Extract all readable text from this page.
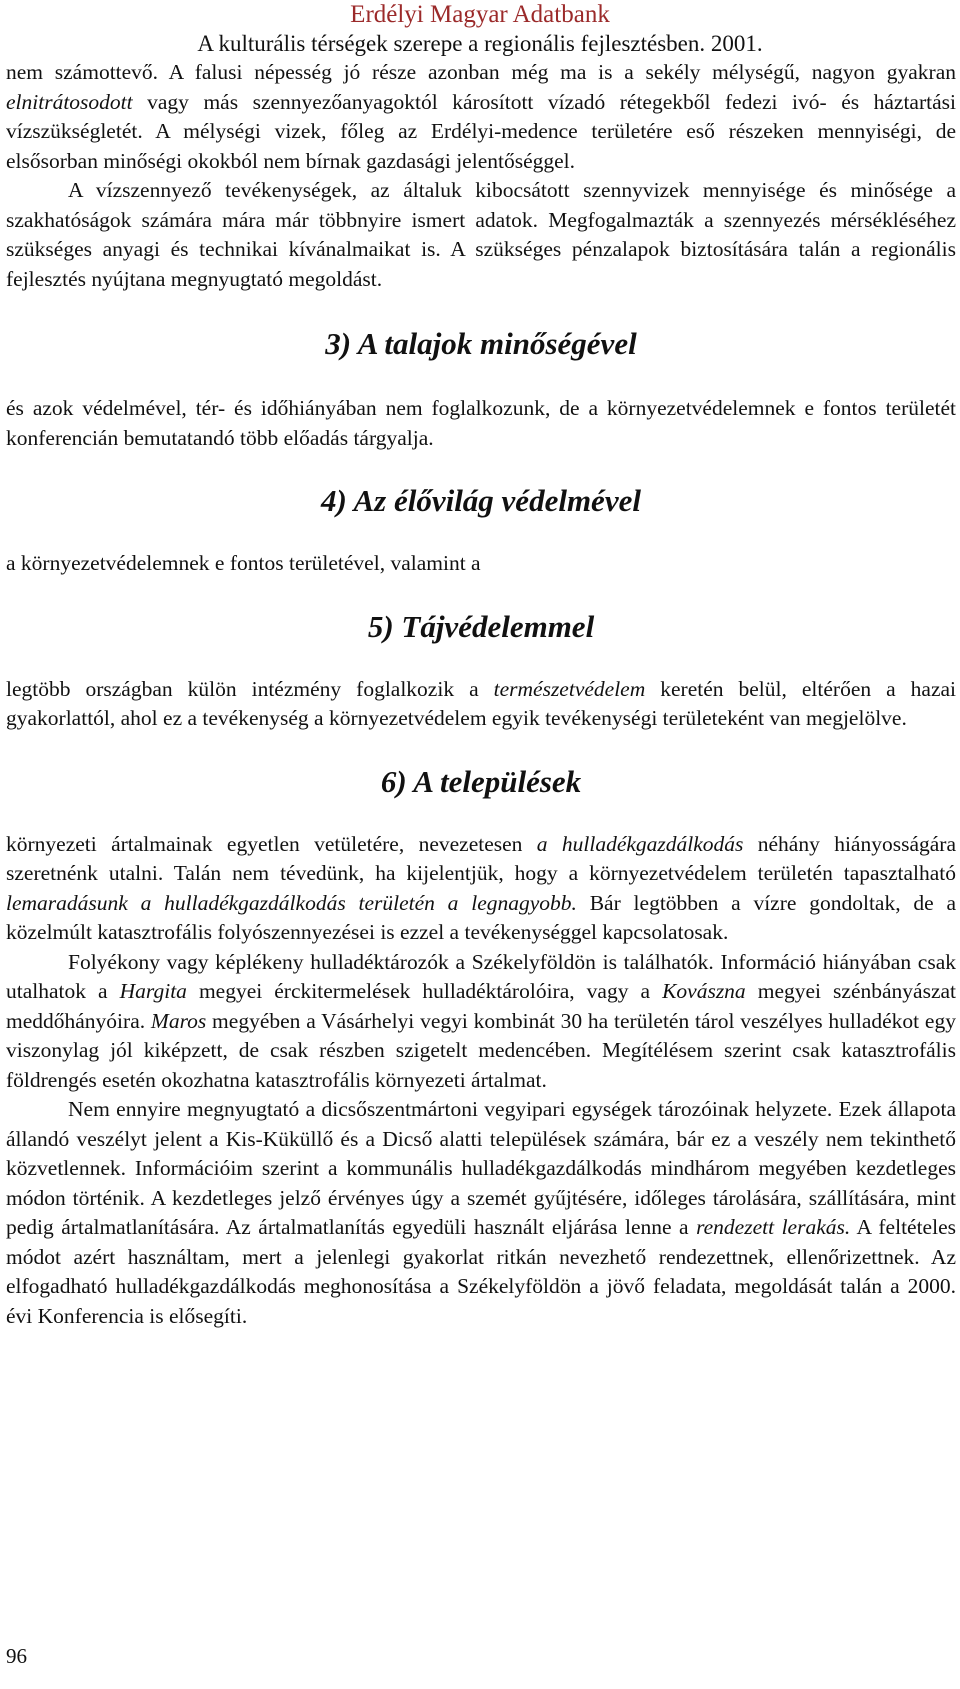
Erdélyi Magyar Adatbank
A kulturális térségek szerepe a regionális fejlesztésben. 2001.

nem számottevő. A falusi népesség jó része azonban még ma is a sekély mélységű, nagyon gyakran elnitrátosodott vagy más szennyezőanyagoktól károsított vízadó rétegekből fedezi ivó- és háztartási vízszükségletét. A mélységi vizek, főleg az Erdélyi-medence területére eső részeken mennyiségi, de elsősorban minőségi okokból nem bírnak gazdasági jelentőséggel.

A vízszennyező tevékenységek, az általuk kibocsátott szennyvizek mennyisége és minősége a szakhatóságok számára mára már többnyire ismert adatok. Megfogalmazták a szennyezés mérsékléséhez szükséges anyagi és technikai kívánalmaikat is. A szükséges pénzalapok biztosítására talán a regionális fejlesztés nyújtana megnyugtató megoldást.

3) A talajok minőségével

és azok védelmével, tér- és időhiányában nem foglalkozunk, de a környezetvédelemnek e fontos területét konferencián bemutatandó több előadás tárgyalja.

4) Az élővilág védelmével

a környezetvédelemnek e fontos területével, valamint a

5) Tájvédelemmel

legtöbb országban külön intézmény foglalkozik a természetvédelem keretén belül, eltérően a hazai gyakorlattól, ahol ez a tevékenység a környezetvédelem egyik tevékenységi területeként van megjelölve.

6) A települések

környezeti ártalmainak egyetlen vetületére, nevezetesen a hulladékgazdálkodás néhány hiányosságára szeretnénk utalni. Talán nem tévedünk, ha kijelentjük, hogy a környezetvédelem területén tapasztalható lemaradásunk a hulladékgazdálkodás területén a legnagyobb. Bár legtöbben a vízre gondoltak, de a közelmúlt katasztrofális folyószennyezései is ezzel a tevékenységgel kapcsolatosak.

Folyékony vagy képlékeny hulladéktározók a Székelyföldön is találhatók. Információ hiányában csak utalhatok a Hargita megyei érckitermelések hulladéktárolóira, vagy a Kovászna megyei szénbányászat meddőhányóira. Maros megyében a Vásárhelyi vegyi kombinát 30 ha területén tárol veszélyes hulladékot egy viszonylag jól kiképzett, de csak részben szigetelt medencében. Megítélésem szerint csak katasztrofális földrengés esetén okozhatna katasztrofális környezeti ártalmat.

Nem ennyire megnyugtató a dicsőszentmártoni vegyipari egységek tározóinak helyzete. Ezek állapota állandó veszélyt jelent a Kis-Küküllő és a Dicső alatti települések számára, bár ez a veszély nem tekinthető közvetlennek. Információim szerint a kommunális hulladékgazdálkodás mindhárom megyében kezdetleges módon történik. A kezdetleges jelző érvényes úgy a szemét gyűjtésére, időleges tárolására, szállítására, mint pedig ártalmatlanítására. Az ártalmatlanítás egyedüli használt eljárása lenne a rendezett lerakás. A feltételes módot azért használtam, mert a jelenlegi gyakorlat ritkán nevezhető rendezettnek, ellenőrizettnek. Az elfogadható hulladékgazdálkodás meghonosítása a Székelyföldön a jövő feladata, megoldását talán a 2000. évi Konferencia is elősegíti.

96
